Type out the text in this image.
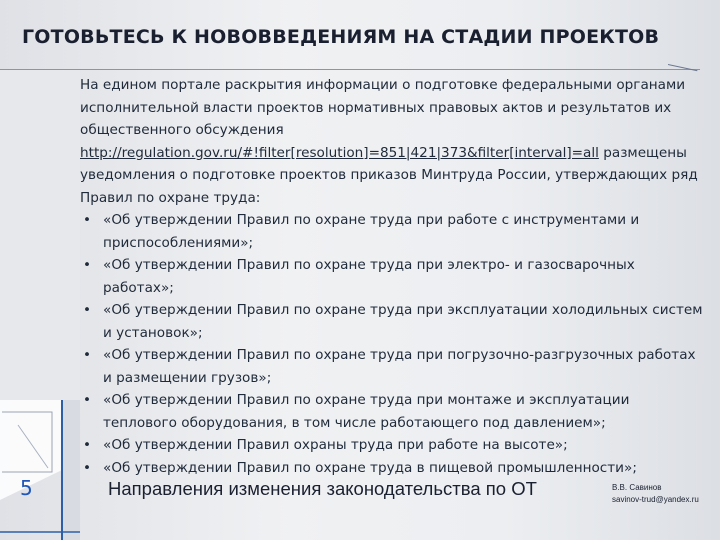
ГОТОВЬТЕСЬ К НОВОВВЕДЕНИЯМ НА СТАДИИ ПРОЕКТОВ

На едином портале раскрытия информации о подготовке федеральными органами исполнительной власти проектов нормативных правовых актов и результатов их общественного обсуждения http://regulation.gov.ru/#!filter[resolution]=851|421|373&filter[interval]=all размещены уведомления о подготовке проектов приказов Минтруда России, утверждающих ряд Правил по охране труда:

• «Об утверждении Правил по охране труда при работе с инструментами и приспособлениями»;
• «Об утверждении Правил по охране труда при электро- и газосварочных работах»;
• «Об утверждении Правил по охране труда при эксплуатации холодильных систем и установок»;
• «Об утверждении Правил по охране труда при погрузочно-разгрузочных работах и размещении грузов»;
• «Об утверждении Правил по охране труда при монтаже и эксплуатации теплового оборудования, в том числе работающего под давлением»;
• «Об утверждении Правил охраны труда при работе на высоте»;
• «Об утверждении Правил по охране труда в пищевой промышленности»;
5	Направления изменения законодательства по ОТ	В.В. Савинов
savinov-trud@yandex.ru
